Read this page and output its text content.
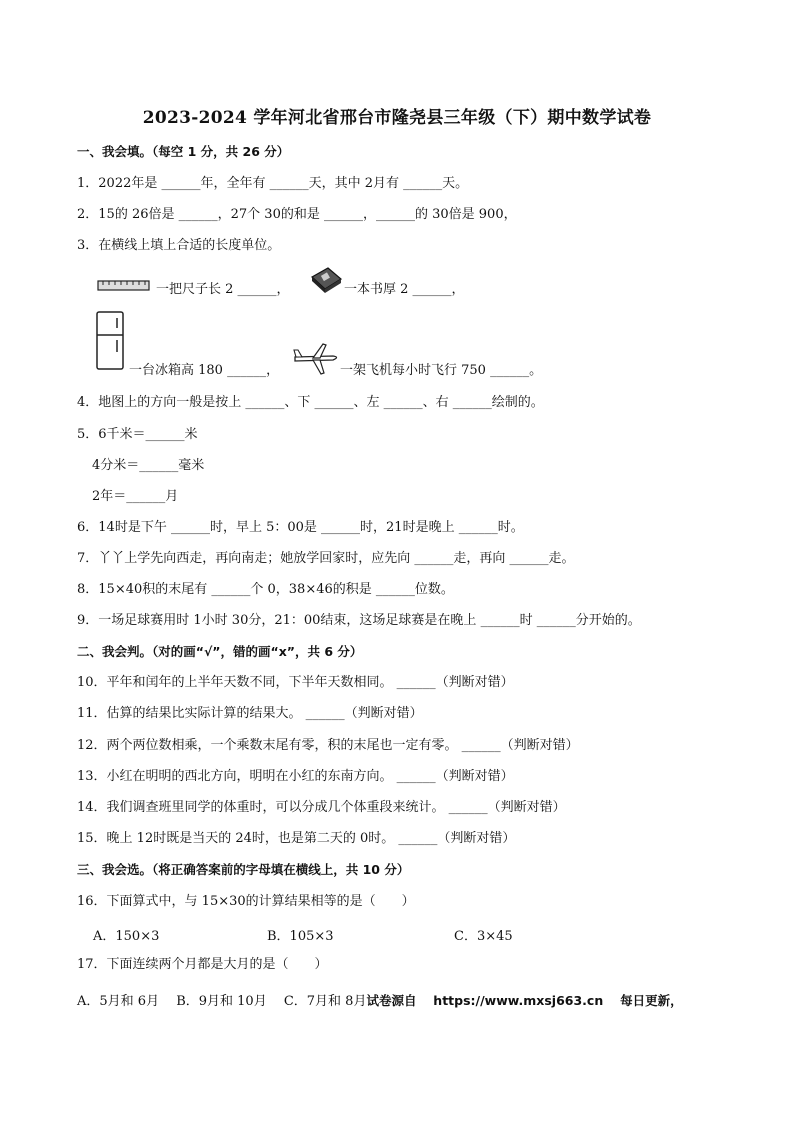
2023-2024 学年河北省邢台市隆尧县三年级（下）期中数学试卷
一、我会填。（每空 1 分，共 26 分）
1．2022年是 ______年，全年有 ______天，其中 2月有 ______天。
2．15的 26倍是 ______，27个 30的和是 ______，______的 30倍是 900，
3．在横线上填上合适的长度单位。
一把尺子长 2 ______，	一本书厚 2 ______，
一台冰箱高 180 ______，	一架飞机每小时飞行 750 ______。
4．地图上的方向一般是按上 ______、下 ______、左 ______、右 ______绘制的。
5．6千米＝______米
4分米＝______毫米
2年＝______月
6．14时是下午 ______时，早上 5：00是 ______时，21时是晚上 ______时。
7．丫丫上学先向西走，再向南走；她放学回家时，应先向 ______走，再向 ______走。
8．15×40积的末尾有 ______个 0，38×46的积是 ______位数。
9．一场足球赛用时 1小时 30分，21：00结束，这场足球赛是在晚上 ______时 ______分开始的。
二、我会判。（对的画“√”，错的画“x”，共 6 分）
10．平年和闰年的上半年天数不同，下半年天数相同。 ______（判断对错）
11．估算的结果比实际计算的结果大。 ______（判断对错）
12．两个两位数相乘，一个乘数末尾有零，积的末尾也一定有零。 ______（判断对错）
13．小红在明明的西北方向，明明在小红的东南方向。 ______（判断对错）
14．我们调查班里同学的体重时，可以分成几个体重段来统计。 ______（判断对错）
15．晚上 12时既是当天的 24时，也是第二天的 0时。 ______（判断对错）
三、我会选。（将正确答案前的字母填在横线上，共 10 分）
16．下面算式中，与 15×30的计算结果相等的是（　　）
A．150×3	B．105×3	C．3×45
17．下面连续两个月都是大月的是（　　）
A．5月和 6月　 B．9月和 10月　 C．7月和 8月试卷源自　 https://www.mxsj663.cn　 每日更新，
